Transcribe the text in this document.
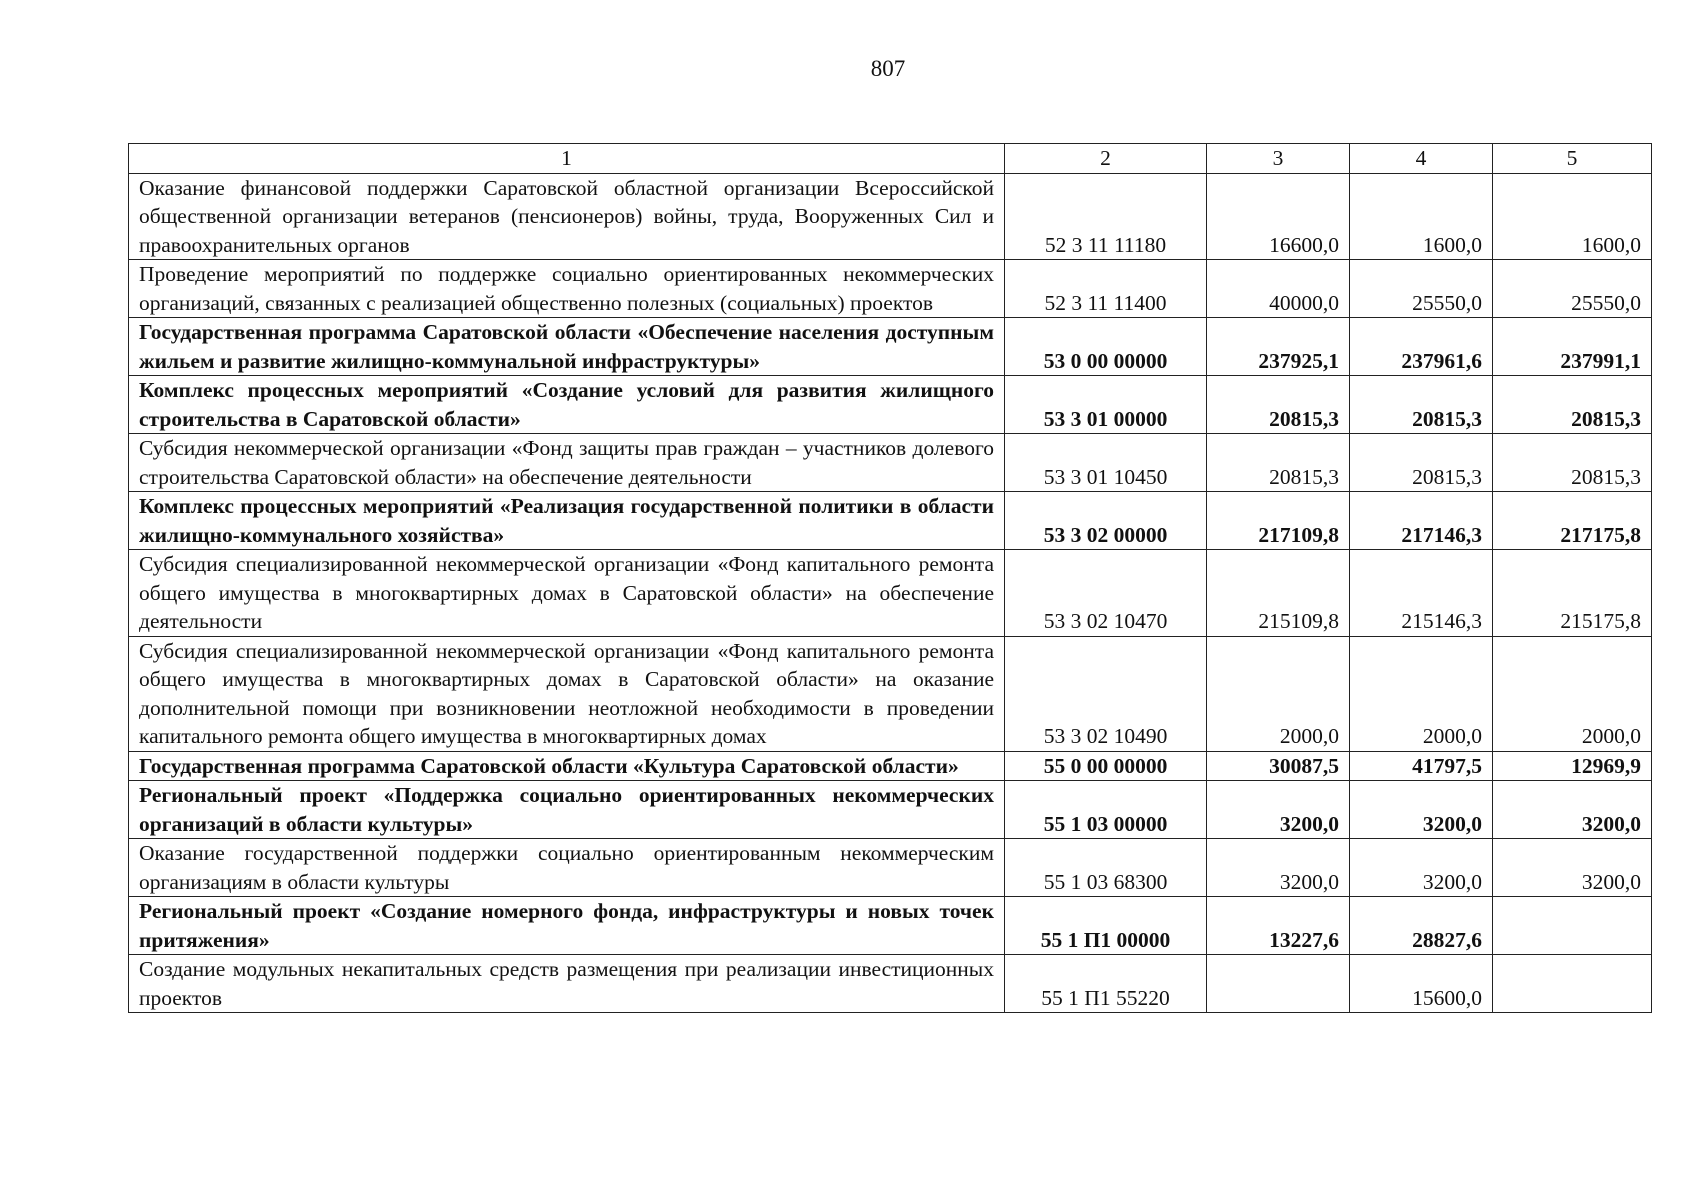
807
1	2	3	4	5
Оказание финансовой поддержки Саратовской областной организации Всероссийской общественной организации ветеранов (пенсионеров) войны, труда, Вооруженных Сил и правоохранительных органов	52 3 11 11180	16600,0	1600,0	1600,0
Проведение мероприятий по поддержке социально ориентированных некоммерческих организаций, связанных с реализацией общественно полезных (социальных) проектов	52 3 11 11400	40000,0	25550,0	25550,0
Государственная программа Саратовской области «Обеспечение населения доступным жильем и развитие жилищно-коммунальной инфраструктуры»	53 0 00 00000	237925,1	237961,6	237991,1
Комплекс процессных мероприятий «Создание условий для развития жилищного строительства в Саратовской области»	53 3 01 00000	20815,3	20815,3	20815,3
Субсидия некоммерческой организации «Фонд защиты прав граждан – участников долевого строительства Саратовской области» на обеспечение деятельности	53 3 01 10450	20815,3	20815,3	20815,3
Комплекс процессных мероприятий «Реализация государственной политики в области жилищно-коммунального хозяйства»	53 3 02 00000	217109,8	217146,3	217175,8
Субсидия специализированной некоммерческой организации «Фонд капитального ремонта общего имущества в многоквартирных домах в Саратовской области» на обеспечение деятельности	53 3 02 10470	215109,8	215146,3	215175,8
Субсидия специализированной некоммерческой организации «Фонд капитального ремонта общего имущества в многоквартирных домах в Саратовской области» на оказание дополнительной помощи при возникновении неотложной необходимости в проведении капитального ремонта общего имущества в многоквартирных домах	53 3 02 10490	2000,0	2000,0	2000,0
Государственная программа Саратовской области «Культура Саратовской области»	55 0 00 00000	30087,5	41797,5	12969,9
Региональный проект «Поддержка социально ориентированных некоммерческих организаций в области культуры»	55 1 03 00000	3200,0	3200,0	3200,0
Оказание государственной поддержки социально ориентированным некоммерческим организациям в области культуры	55 1 03 68300	3200,0	3200,0	3200,0
Региональный проект «Создание номерного фонда, инфраструктуры и новых точек притяжения»	55 1 П1 00000	13227,6	28827,6	
Создание модульных некапитальных средств размещения при реализации инвестиционных проектов	55 1 П1 55220		15600,0	
